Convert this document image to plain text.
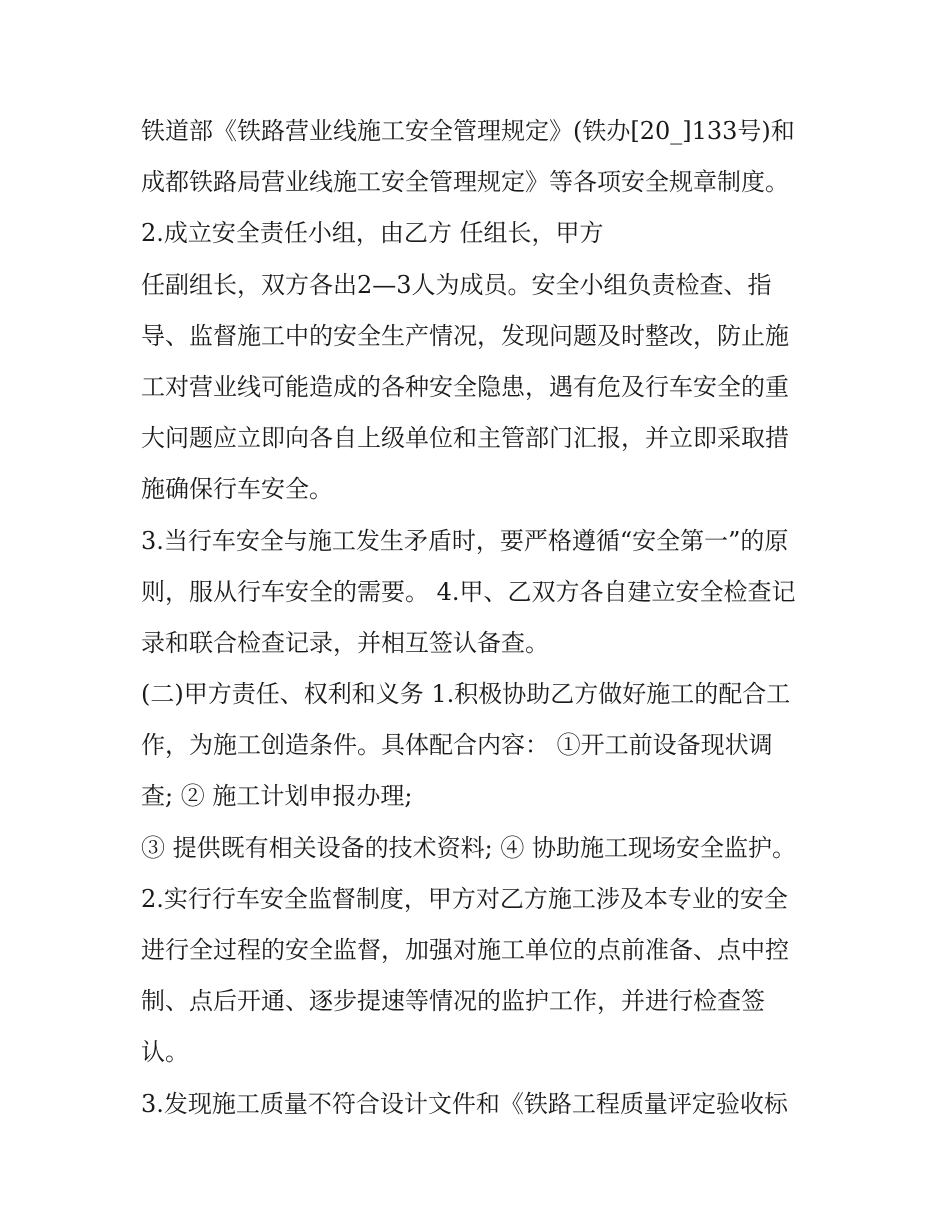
铁道部《铁路营业线施工安全管理规定》(铁办[20_]133号)和
成都铁路局营业线施工安全管理规定》等各项安全规章制度。
2.成立安全责任小组，由乙方 任组长，甲方
任副组长，双方各出2—3人为成员。安全小组负责检查、指
导、监督施工中的安全生产情况，发现问题及时整改，防止施
工对营业线可能造成的各种安全隐患，遇有危及行车安全的重
大问题应立即向各自上级单位和主管部门汇报，并立即采取措
施确保行车安全。
3.当行车安全与施工发生矛盾时，要严格遵循“安全第一”的原
则，服从行车安全的需要。 4.甲、乙双方各自建立安全检查记
录和联合检查记录，并相互签认备查。
(二)甲方责任、权利和义务 1.积极协助乙方做好施工的配合工
作，为施工创造条件。具体配合内容： ①开工前设备现状调
查; ② 施工计划申报办理;
③ 提供既有相关设备的技术资料; ④ 协助施工现场安全监护。
2.实行行车安全监督制度，甲方对乙方施工涉及本专业的安全
进行全过程的安全监督，加强对施工单位的点前准备、点中控
制、点后开通、逐步提速等情况的监护工作，并进行检查签
认。
3.发现施工质量不符合设计文件和《铁路工程质量评定验收标
